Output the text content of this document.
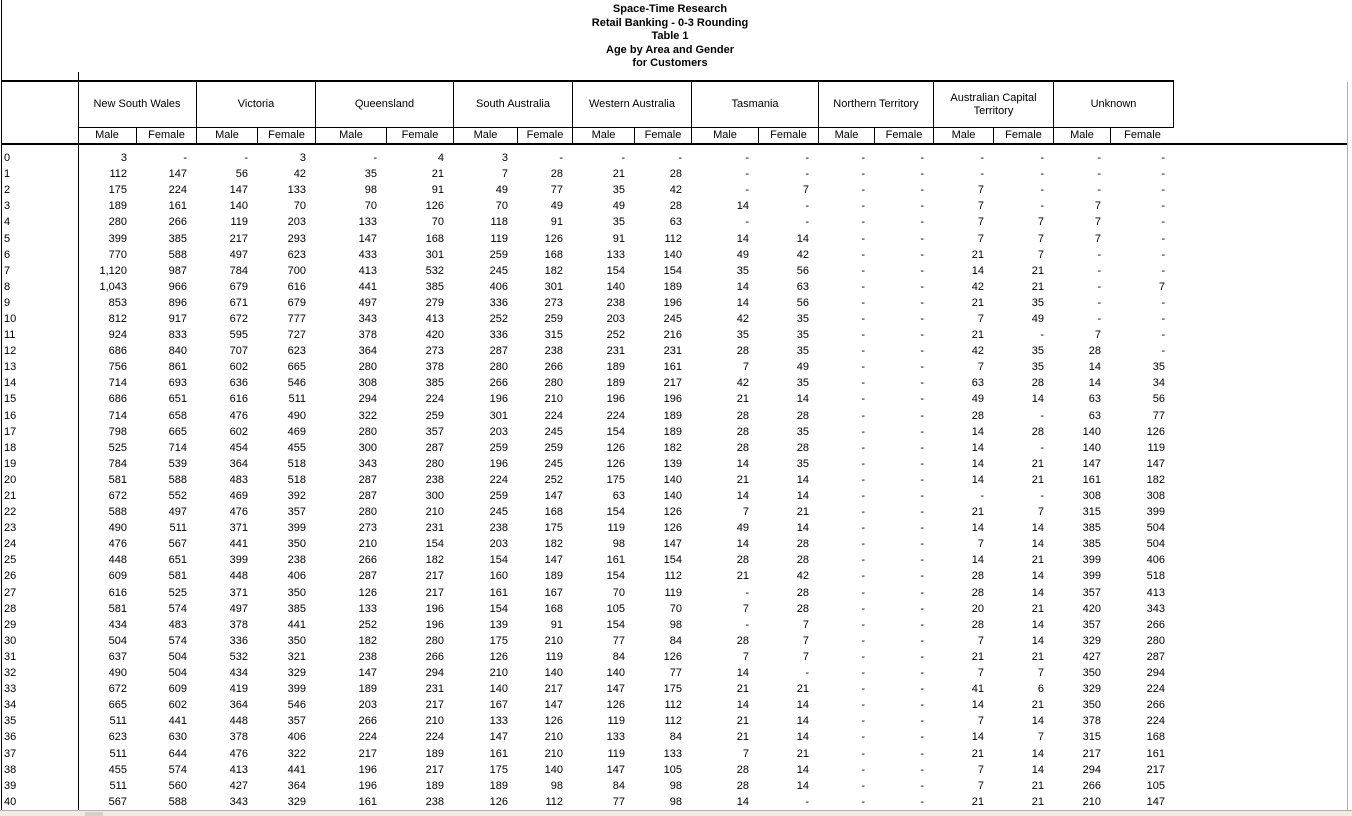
Space-Time Research
Retail Banking - 0-3 Rounding
Table 1
Age by Area and Gender
for Customers
New South Wales	Victoria	Queensland	South Australia	Western Australia	Tasmania	Northern Territory
Australian Capital Territory
Unknown
Male	Female	Male	Female	Male	Female	Male	Female	Male	Female	Male	Female	Male	Female	Male	Female	Male	Female
0	3	-	-	3	-	4	3	-	-	-	-	-	-	-	-	-	-	-
1	112	147	56	42	35	21	7	28	21	28	-	-	-	-	-	-	-	-
2	175	224	147	133	98	91	49	77	35	42	-	7	-	-	7	-	-	-
3	189	161	140	70	70	126	70	49	49	28	14	-	-	-	7	-	7	-
4	280	266	119	203	133	70	118	91	35	63	-	-	-	-	7	7	7	-
5	399	385	217	293	147	168	119	126	91	112	14	14	-	-	7	7	7	-
6	770	588	497	623	433	301	259	168	133	140	49	42	-	-	21	7	-	-
7	1,120	987	784	700	413	532	245	182	154	154	35	56	-	-	14	21	-	-
8	1,043	966	679	616	441	385	406	301	140	189	14	63	-	-	42	21	-	7
9	853	896	671	679	497	279	336	273	238	196	14	56	-	-	21	35	-	-
10	812	917	672	777	343	413	252	259	203	245	42	35	-	-	7	49	-	-
11	924	833	595	727	378	420	336	315	252	216	35	35	-	-	21	-	7	-
12	686	840	707	623	364	273	287	238	231	231	28	35	-	-	42	35	28	-
13	756	861	602	665	280	378	280	266	189	161	7	49	-	-	7	35	14	35
14	714	693	636	546	308	385	266	280	189	217	42	35	-	-	63	28	14	34
15	686	651	616	511	294	224	196	210	196	196	21	14	-	-	49	14	63	56
16	714	658	476	490	322	259	301	224	224	189	28	28	-	-	28	-	63	77
17	798	665	602	469	280	357	203	245	154	189	28	35	-	-	14	28	140	126
18	525	714	454	455	300	287	259	259	126	182	28	28	-	-	14	-	140	119
19	784	539	364	518	343	280	196	245	126	139	14	35	-	-	14	21	147	147
20	581	588	483	518	287	238	224	252	175	140	21	14	-	-	14	21	161	182
21	672	552	469	392	287	300	259	147	63	140	14	14	-	-	-	-	308	308
22	588	497	476	357	280	210	245	168	154	126	7	21	-	-	21	7	315	399
23	490	511	371	399	273	231	238	175	119	126	49	14	-	-	14	14	385	504
24	476	567	441	350	210	154	203	182	98	147	14	28	-	-	7	14	385	504
25	448	651	399	238	266	182	154	147	161	154	28	28	-	-	14	21	399	406
26	609	581	448	406	287	217	160	189	154	112	21	42	-	-	28	14	399	518
27	616	525	371	350	126	217	161	167	70	119	-	28	-	-	28	14	357	413
28	581	574	497	385	133	196	154	168	105	70	7	28	-	-	20	21	420	343
29	434	483	378	441	252	196	139	91	154	98	-	7	-	-	28	14	357	266
30	504	574	336	350	182	280	175	210	77	84	28	7	-	-	7	14	329	280
31	637	504	532	321	238	266	126	119	84	126	7	7	-	-	21	21	427	287
32	490	504	434	329	147	294	210	140	140	77	14	-	-	-	7	7	350	294
33	672	609	419	399	189	231	140	217	147	175	21	21	-	-	41	6	329	224
34	665	602	364	546	203	217	167	147	126	112	14	14	-	-	14	21	350	266
35	511	441	448	357	266	210	133	126	119	112	21	14	-	-	7	14	378	224
36	623	630	378	406	224	224	147	210	133	84	21	14	-	-	14	7	315	168
37	511	644	476	322	217	189	161	210	119	133	7	21	-	-	21	14	217	161
38	455	574	413	441	196	217	175	140	147	105	28	14	-	-	7	14	294	217
39	511	560	427	364	196	189	189	98	84	98	28	14	-	-	7	21	266	105
40	567	588	343	329	161	238	126	112	77	98	14	-	-	-	21	21	210	147
